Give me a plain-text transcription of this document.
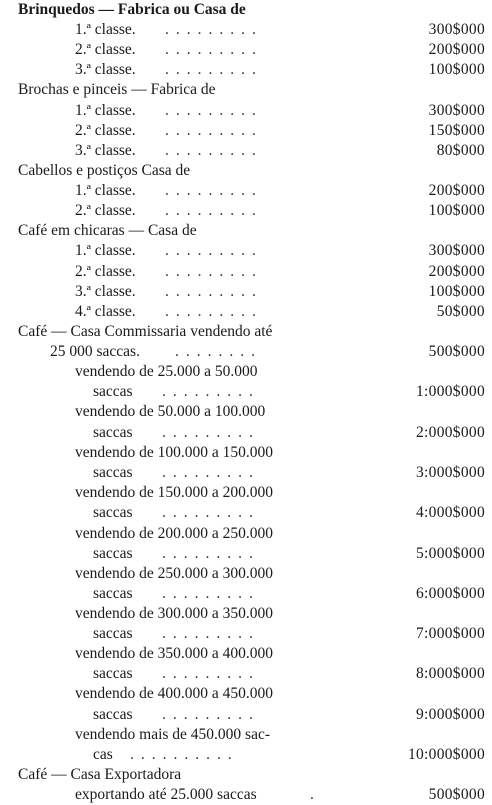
Brinquedos — Fabrica ou Casa de
1.ª classe. .........	300$000
2.ª classe. .........	200$000
3.ª classe. .........	100$000
Brochas e pinceis — Fabrica de
1.ª classe. .........	300$000
2.ª classe. .........	150$000
3.ª classe. .........	80$000
Cabellos e postiços Casa de
1.ª classe. .........	200$000
2.ª classe. .........	100$000
Café em chicaras — Casa de
1.ª classe. .........	300$000
2.ª classe. .........	200$000
3.ª classe. .........	100$000
4.ª classe. .........	50$000
Café — Casa Commissaria vendendo até
25 000 saccas. ........	500$000
vendendo de 25.000 a 50.000
saccas .........	1:000$000
vendendo de 50.000 a 100.000
saccas .........	2:000$000
vendendo de 100.000 a 150.000
saccas .........	3:000$000
vendendo de 150.000 a 200.000
saccas .........	4:000$000
vendendo de 200.000 a 250.000
saccas .........	5:000$000
vendendo de 250.000 a 300.000
saccas .........	6:000$000
vendendo de 300.000 a 350.000
saccas .........	7:000$000
vendendo de 350.000 a 400.000
saccas .........	8:000$000
vendendo de 400.000 a 450.000
saccas .........	9:000$000
vendendo mais de 450.000 sac-
cas ..........	10:000$000
Café — Casa Exportadora
exportando até 25.000 saccas	.	500$000
